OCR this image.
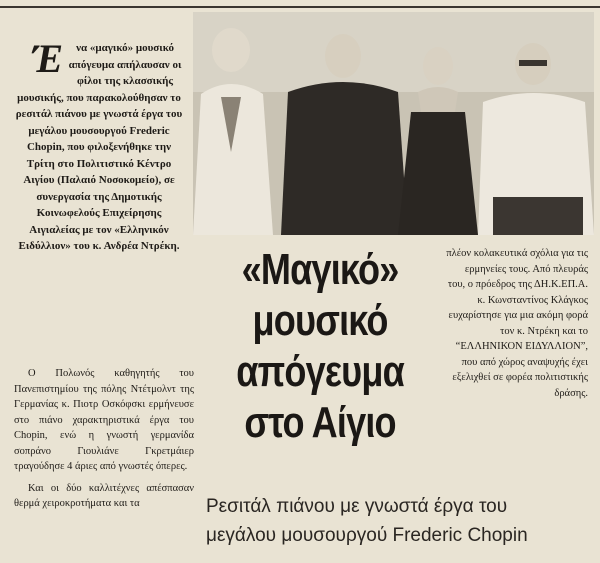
Έ να «μαγικό» μουσικό απόγευμα απήλαυσαν οι φίλοι της κλασσικής μουσικής, που παρακολούθησαν το ρεσιτάλ πιάνου με γνωστά έργα του μεγάλου μουσουργού Frederic Chopin, που φιλοξενήθηκε την Τρίτη στο Πολιτιστικό Κέντρο Αιγίου (Παλαιό Νοσοκομείο), σε συνεργασία της Δημοτικής Κοινωφελούς Επιχείρησης Αιγιαλείας με τον «Ελληνικόν Ειδύλλιον» του κ. Ανδρέα Ντρέκη.

Ο Πολωνός καθηγητής του Πανεπιστημίου της πόλης Ντέτμολντ της Γερμανίας κ. Πιοτρ Οσκόφσκι ερμήνευσε στο πιάνο χαρακτηριστικά έργα του Chopin, ενώ η γνωστή γερμανίδα σοπράνο Γιουλιάνε Γκρετμάιερ τραγούδησε 4 άριες από γνωστές όπερες.

Και οι δύο καλλιτέχνες απέσπασαν θερμά χειροκροτήματα και τα

«Μαγικό»
μουσικό
απόγευμα
στο Αίγιο
πλέον κολακευτικά σχόλια για τις ερμηνείες τους. Από πλευράς του, ο πρόεδρος της ΔΗ.Κ.ΕΠ.Α. κ. Κωνσταντίνος Κλάγκος ευχαρίστησε για μια ακόμη φορά τον κ. Ντρέκη και το “ΕΛΛΗΝΙΚΟΝ ΕΙΔΥΛΛΙΟΝ”, που από χώρος αναψυχής έχει εξελιχθεί σε φορέα πολιτιστικής δράσης.
Ρεσιτάλ πιάνου με γνωστά έργα του
μεγάλου μουσουργού Frederic Chopin
